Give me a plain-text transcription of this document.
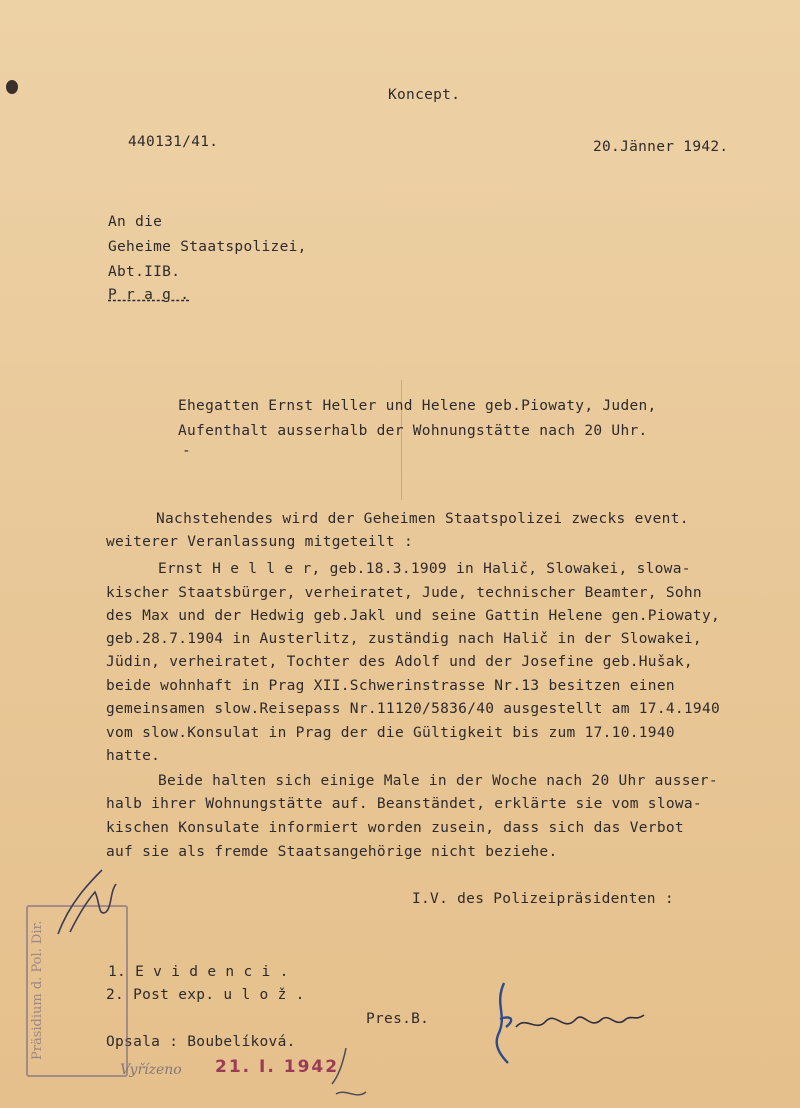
Koncept.
440131/41.	20.Jänner 1942.
An die
Geheime Staatspolizei,
Abt.IIB.
P r a g .
Ehegatten Ernst Heller und Helene geb.Piowaty, Juden,
Aufenthalt ausserhalb der Wohnungstätte nach 20 Uhr.
-
Nachstehendes wird der Geheimen Staatspolizei zwecks event.
weiterer Veranlassung mitgeteilt :
Ernst H e l l e r, geb.18.3.1909 in Halič, Slowakei, slowa-
kischer Staatsbürger, verheiratet, Jude, technischer Beamter, Sohn
des Max und der Hedwig geb.Jakl und seine Gattin Helene gen.Piowaty,
geb.28.7.1904 in Austerlitz, zuständig nach Halič in der Slowakei,
Jüdin, verheiratet, Tochter des Adolf und der Josefine geb.Hušak,
beide wohnhaft in Prag XII.Schwerinstrasse Nr.13 besitzen einen
gemeinsamen slow.Reisepass Nr.11120/5836/40 ausgestellt am 17.4.1940
vom slow.Konsulat in Prag der die Gültigkeit bis zum 17.10.1940
hatte.
Beide halten sich einige Male in der Woche nach 20 Uhr ausser-
halb ihrer Wohnungstätte auf. Beanständet, erklärte sie vom slowa-
kischen Konsulate informiert worden zusein, dass sich das Verbot
auf sie als fremde Staatsangehörige nicht beziehe.
I.V. des Polizeipräsidenten :
Pres.B.
1. E v i d e n c i .
2. Post exp. u l o ž .
Opsala : Boubelíková.
Präsidium d. Pol. Dir.
Vyřízeno 21. I. 1942
